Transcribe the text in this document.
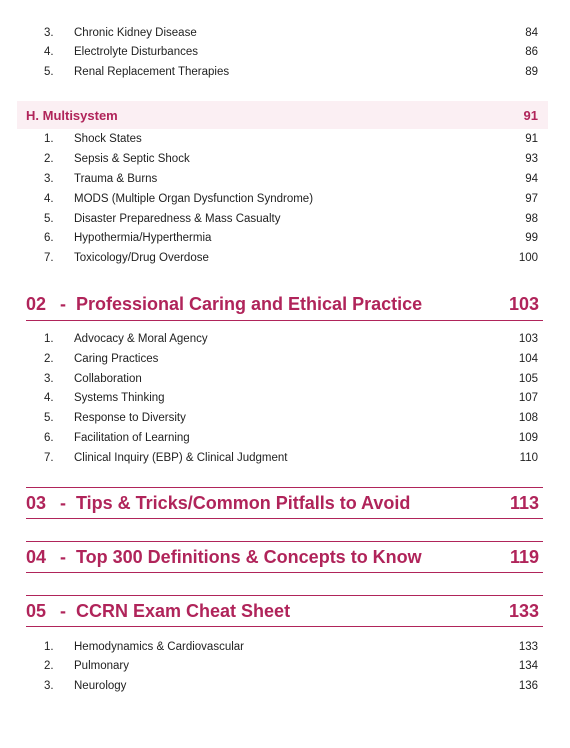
3.	Chronic Kidney Disease	84
4.	Electrolyte Disturbances	86
5.	Renal Replacement Therapies	89
H. Multisystem	91
1.	Shock States	91
2.	Sepsis & Septic Shock	93
3.	Trauma & Burns	94
4.	MODS (Multiple Organ Dysfunction Syndrome)	97
5.	Disaster Preparedness & Mass Casualty	98
6.	Hypothermia/Hyperthermia	99
7.	Toxicology/Drug Overdose	100
02 - Professional Caring and Ethical Practice	103
1.	Advocacy & Moral Agency	103
2.	Caring Practices	104
3.	Collaboration	105
4.	Systems Thinking	107
5.	Response to Diversity	108
6.	Facilitation of Learning	109
7.	Clinical Inquiry (EBP) & Clinical Judgment	110
03 - Tips & Tricks/Common Pitfalls to Avoid	113
04 - Top 300 Definitions & Concepts to Know	119
05 - CCRN Exam Cheat Sheet	133
1.	Hemodynamics & Cardiovascular	133
2.	Pulmonary	134
3.	Neurology	136
